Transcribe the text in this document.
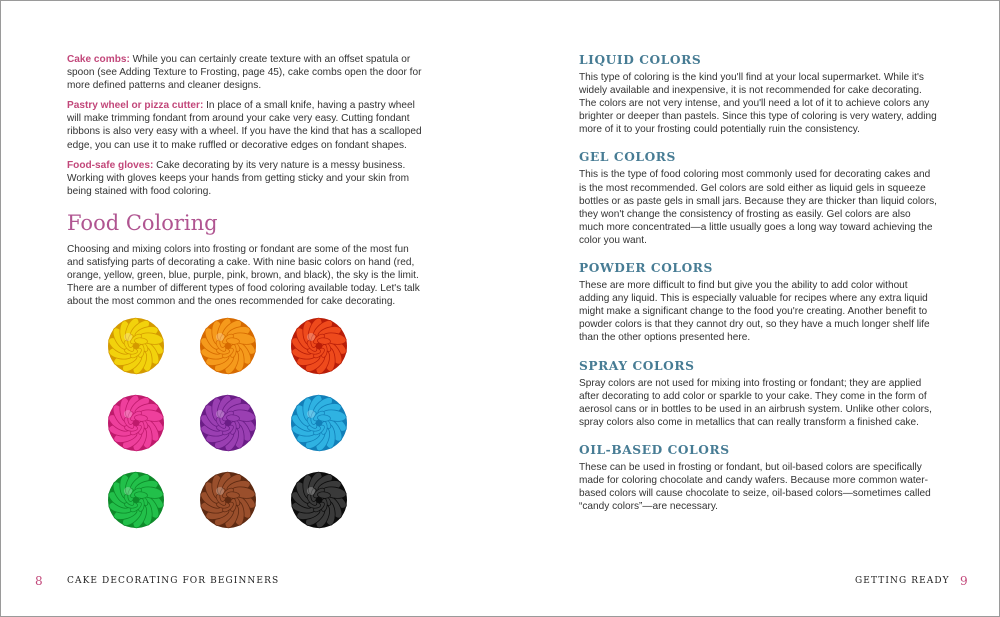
Cake combs: While you can certainly create texture with an offset spatula or spoon (see Adding Texture to Frosting, page 45), cake combs open the door for more defined patterns and cleaner designs.

Pastry wheel or pizza cutter: In place of a small knife, having a pastry wheel will make trimming fondant from around your cake very easy. Cutting fondant ribbons is also very easy with a wheel. If you have the kind that has a scalloped edge, you can use it to make ruffled or decorative edges on fondant shapes.

Food-safe gloves: Cake decorating by its very nature is a messy business. Working with gloves keeps your hands from getting sticky and your skin from being stained with food coloring.

Food Coloring

Choosing and mixing colors into frosting or fondant are some of the most fun and satisfying parts of decorating a cake. With nine basic colors on hand (red, orange, yellow, green, blue, purple, pink, brown, and black), the sky is the limit. There are a number of different types of food coloring available today. Let's talk about the most common and the ones recommended for cake decorating.

8	CAKE DECORATING FOR BEGINNERS
LIQUID COLORS

This type of coloring is the kind you'll find at your local supermarket. While it's widely available and inexpensive, it is not recommended for cake decorating. The colors are not very intense, and you'll need a lot of it to achieve colors any brighter or deeper than pastels. Since this type of coloring is very watery, adding more of it to your frosting could potentially ruin the consistency.

GEL COLORS

This is the type of food coloring most commonly used for decorating cakes and is the most recommended. Gel colors are sold either as liquid gels in squeeze bottles or as paste gels in small jars. Because they are thicker than liquid colors, they won't change the consistency of frosting as easily. Gel colors are also much more concentrated—a little usually goes a long way toward achieving the color you want.

POWDER COLORS

These are more difficult to find but give you the ability to add color without adding any liquid. This is especially valuable for recipes where any extra liquid might make a significant change to the food you're creating. Another benefit to powder colors is that they cannot dry out, so they have a much longer shelf life than the other options presented here.

SPRAY COLORS

Spray colors are not used for mixing into frosting or fondant; they are applied after decorating to add color or sparkle to your cake. They come in the form of aerosol cans or in bottles to be used in an airbrush system. Unlike other colors, spray colors also come in metallics that can really transform a finished cake.

OIL-BASED COLORS

These can be used in frosting or fondant, but oil-based colors are specifically made for coloring chocolate and candy wafers. Because more common water-based colors will cause chocolate to seize, oil-based colors—sometimes called “candy colors”—are necessary.

GETTING READY 9
